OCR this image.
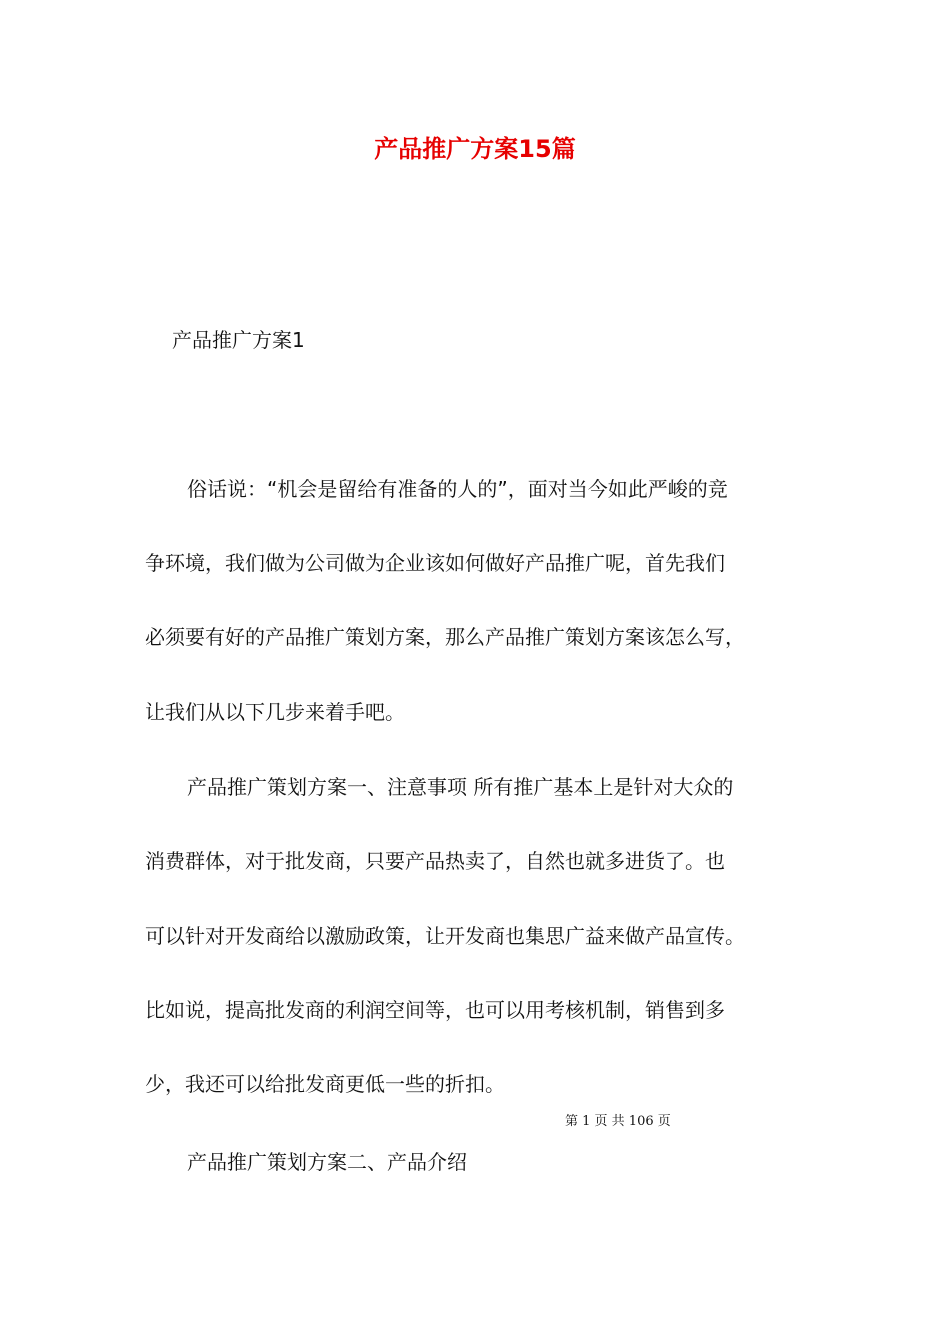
产品推广方案15篇
产品推广方案1
俗话说：“机会是留给有准备的人的”，面对当今如此严峻的竞
争环境，我们做为公司做为企业该如何做好产品推广呢，首先我们
必须要有好的产品推广策划方案，那么产品推广策划方案该怎么写，
让我们从以下几步来着手吧。
产品推广策划方案一、注意事项 所有推广基本上是针对大众的
消费群体，对于批发商，只要产品热卖了，自然也就多进货了。也
可以针对开发商给以激励政策，让开发商也集思广益来做产品宣传。
比如说，提高批发商的利润空间等，也可以用考核机制，销售到多
少，我还可以给批发商更低一些的折扣。
第 1 页 共 106 页
产品推广策划方案二、产品介绍
